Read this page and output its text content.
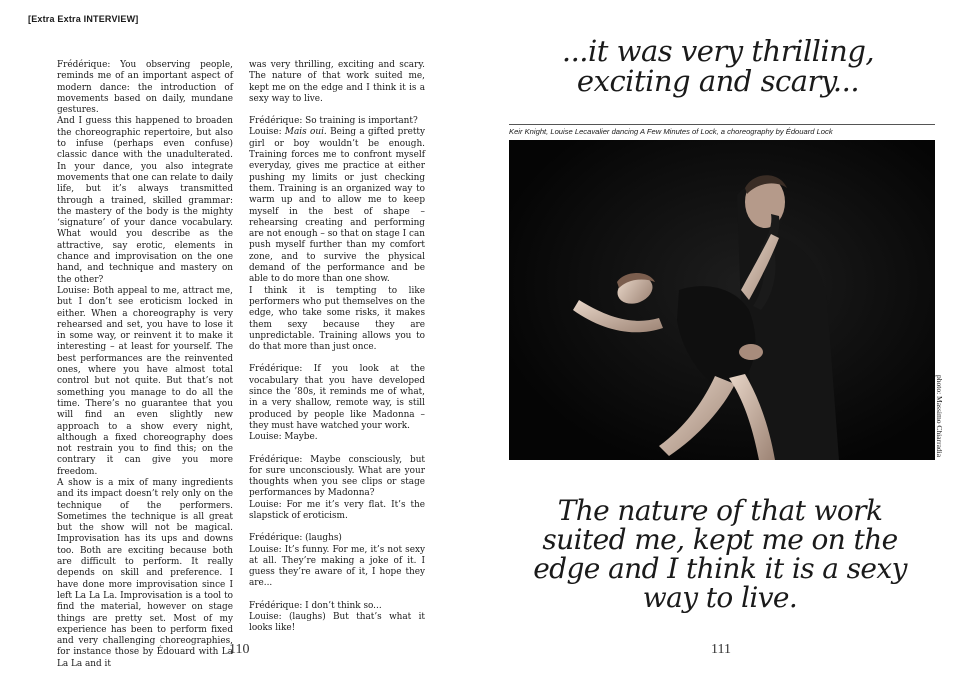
[Extra Extra INTERVIEW]

Frédérique: You observing people, reminds me of an important aspect of modern dance: the introduction of movements based on daily, mundane gestures.

And I guess this happened to broaden the choreographic repertoire, but also to infuse (perhaps even confuse) classic dance with the unadulterated. In your dance, you also integrate movements that one can relate to daily life, but it’s always transmitted through a trained, skilled grammar: the mastery of the body is the mighty ‘signature’ of your dance vocabulary. What would you describe as the attractive, say erotic, elements in chance and improvisation on the one hand, and technique and mastery on the other?

Louise: Both appeal to me, attract me, but I don’t see eroticism locked in either. When a choreography is very rehearsed and set, you have to lose it in some way, or reinvent it to make it interesting – at least for yourself. The best performances are the reinvented ones, where you have almost total control but not quite. But that’s not something you manage to do all the time. There’s no guarantee that you will find an even slightly new approach to a show every night, although a fixed choreography does not restrain you to find this; on the contrary it can give you more freedom.

A show is a mix of many ingredients and its impact doesn’t rely only on the technique of the performers. Sometimes the technique is all great but the show will not be magical. Improvisation has its ups and downs too. Both are exciting because both are difficult to perform. It really depends on skill and preference. I have done more improvisation since I left La La La. Improvisation is a tool to find the material, however on stage things are pretty set. Most of my experience has been to perform fixed and very challenging choreographies, for instance those by Édouard with La La La and it

was very thrilling, exciting and scary. The nature of that work suited me, kept me on the edge and I think it is a sexy way to live.

Frédérique: So training is important?

Louise: Mais oui. Being a gifted pretty girl or boy wouldn’t be enough. Training forces me to confront myself everyday, gives me practice at either pushing my limits or just checking them. Training is an organized way to warm up and to allow me to keep myself in the best of shape – rehearsing creating and performing are not enough – so that on stage I can push myself further than my comfort zone, and to survive the physical demand of the performance and be able to do more than one show.

I think it is tempting to like performers who put themselves on the edge, who take some risks, it makes them sexy because they are unpredictable. Training allows you to do that more than just once.

Frédérique: If you look at the vocabulary that you have developed since the ’80s, it reminds me of what, in a very shallow, remote way, is still produced by people like Madonna – they must have watched your work.

Louise: Maybe.

Frédérique: Maybe consciously, but for sure unconsciously. What are your thoughts when you see clips or stage performances by Madonna?

Louise: For me it’s very flat. It’s the slapstick of eroticism.

Frédérique: (laughs)

Louise: It’s funny. For me, it’s not sexy at all. They’re making a joke of it. I guess they’re aware of it, I hope they are...

Frédérique: I don’t think so...

Louise: (laughs) But that’s what it looks like!

110
...it was very thrilling, exciting and scary...
Keir Knight, Louise Lecavalier dancing A Few Minutes of Lock, a choreography by Édouard Lock
photo: Massimo Chiarradia
The nature of that work suited me, kept me on the edge and I think it is a sexy way to live.
111
